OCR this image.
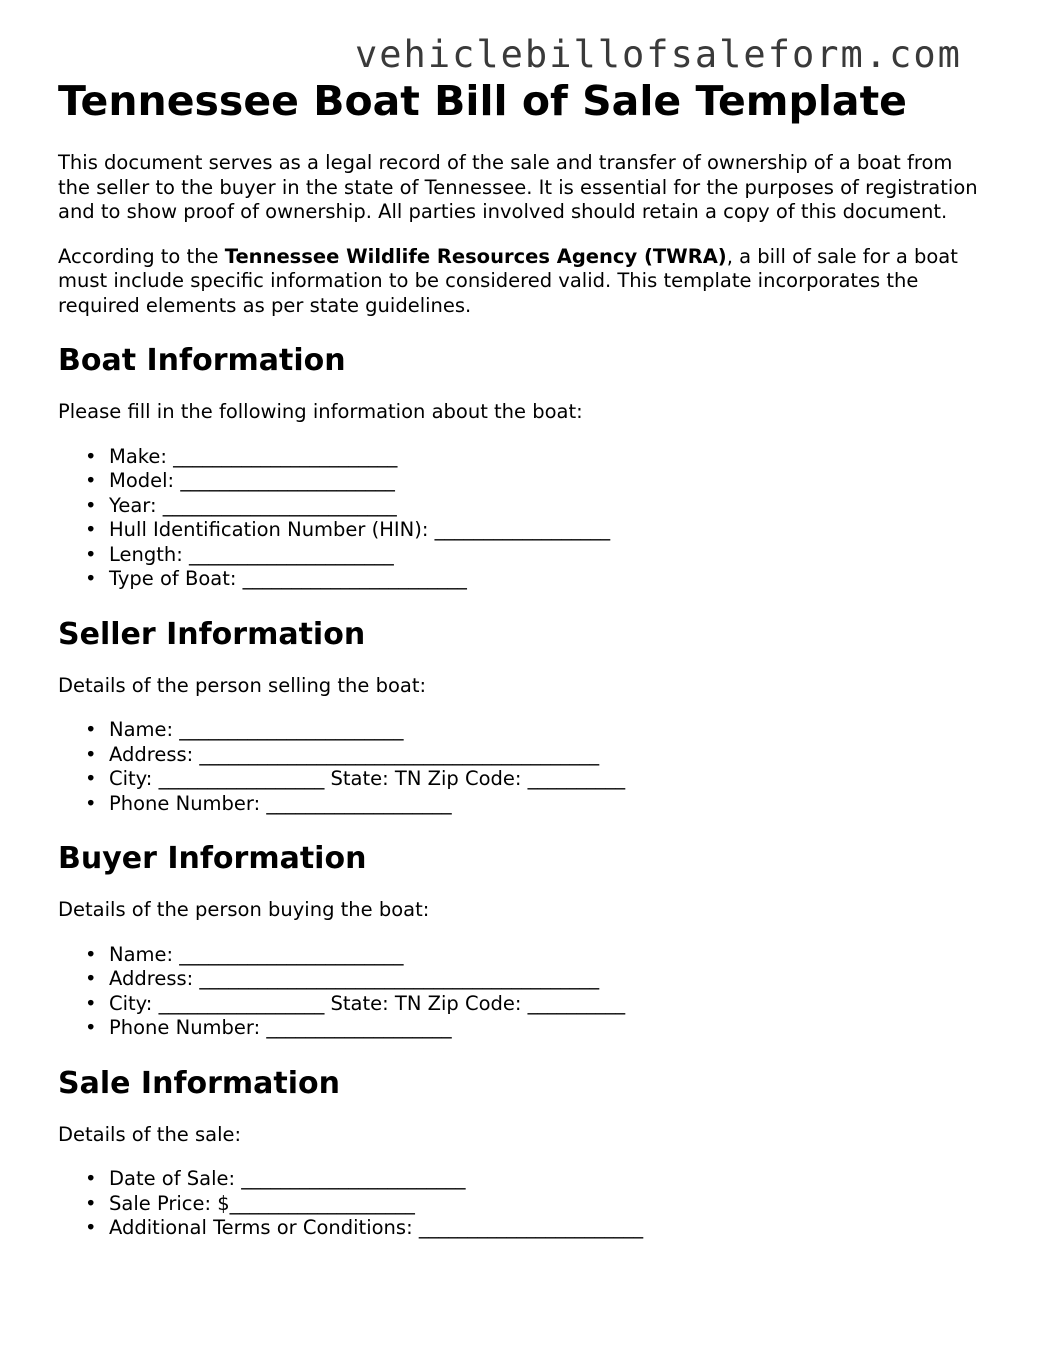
vehiclebillofsaleform.com
Tennessee Boat Bill of Sale Template

This document serves as a legal record of the sale and transfer of ownership of a boat from the seller to the buyer in the state of Tennessee. It is essential for the purposes of registration and to show proof of ownership. All parties involved should retain a copy of this document.

According to the Tennessee Wildlife Resources Agency (TWRA), a bill of sale for a boat must include specific information to be considered valid. This template incorporates the required elements as per state guidelines.

Boat Information

Please fill in the following information about the boat:

• Make: _______________________
• Model: ______________________
• Year: ________________________
• Hull Identification Number (HIN): __________________
• Length: _____________________
• Type of Boat: _______________________
Seller Information

Details of the person selling the boat:

• Name: _______________________
• Address: _________________________________________
• City: _________________ State: TN Zip Code: __________
• Phone Number: ___________________
Buyer Information

Details of the person buying the boat:

• Name: _______________________
• Address: _________________________________________
• City: _________________ State: TN Zip Code: __________
• Phone Number: ___________________
Sale Information

Details of the sale:

• Date of Sale: _______________________
• Sale Price: $___________________
• Additional Terms or Conditions: _______________________
